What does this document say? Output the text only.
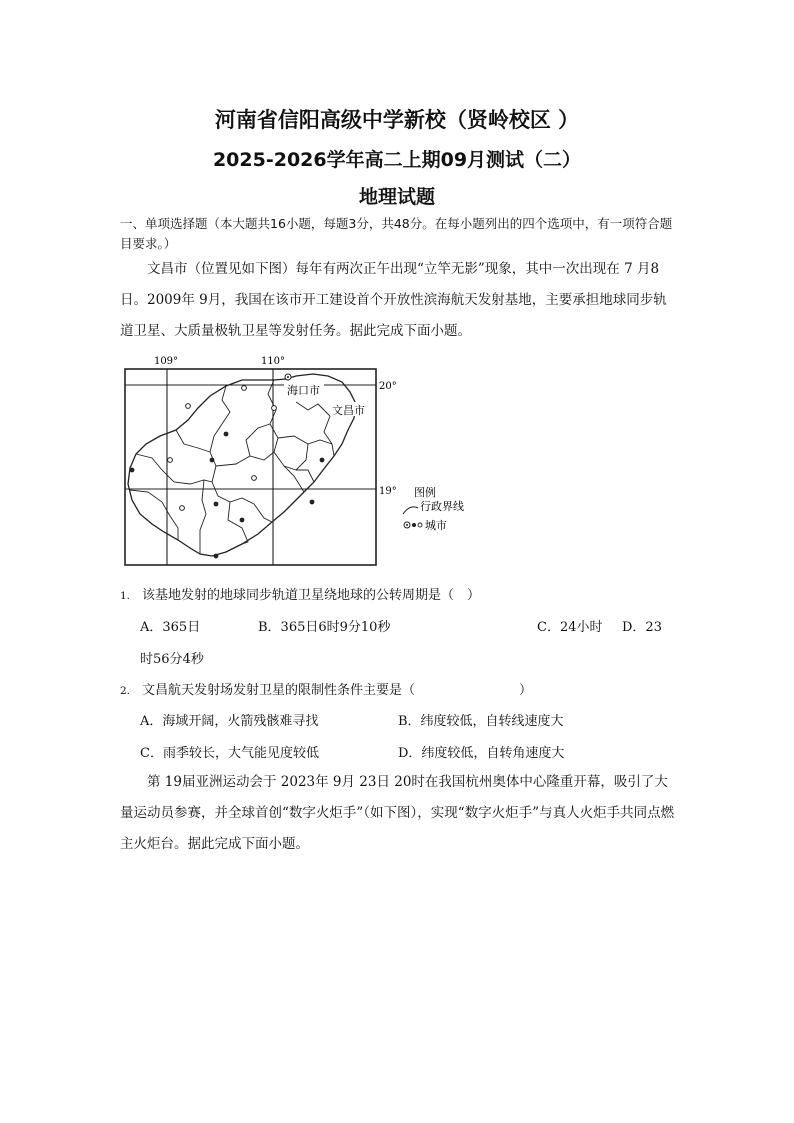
河南省信阳高级中学新校（贤岭校区 ）
2025-2026学年高二上期09月测试（二）
地理试题
一、单项选择题（本大题共16小题，每题3分，共48分。在每小题列出的四个选项中，有一项符合题目要求。）
文昌市（位置见如下图）每年有两次正午出现“立竿无影”现象，其中一次出现在 7 月8日。2009年 9月，我国在该市开工建设首个开放性滨海航天发射基地，主要承担地球同步轨道卫星、大质量极轨卫星等发射任务。据此完成下面小题。
109°	110°
20°
19°
海口市
文昌市
图例
行政界线
城市
1. 该基地发射的地球同步轨道卫星绕地球的公转周期是（　）
A．365日	B．365日6时9分10秒	C．24小时 D．23
时56分4秒
2. 文昌航天发射场发射卫星的限制性条件主要是（　　　　　　　　）
A．海域开阔，火箭残骸难寻找	B．纬度较低，自转线速度大
C．雨季较长，大气能见度较低	D．纬度较低，自转角速度大
第 19届亚洲运动会于 2023年 9月 23日 20时在我国杭州奥体中心隆重开幕，吸引了大量运动员参赛，并全球首创“数字火炬手”（如下图），实现“数字火炬手”与真人火炬手共同点燃主火炬台。据此完成下面小题。
